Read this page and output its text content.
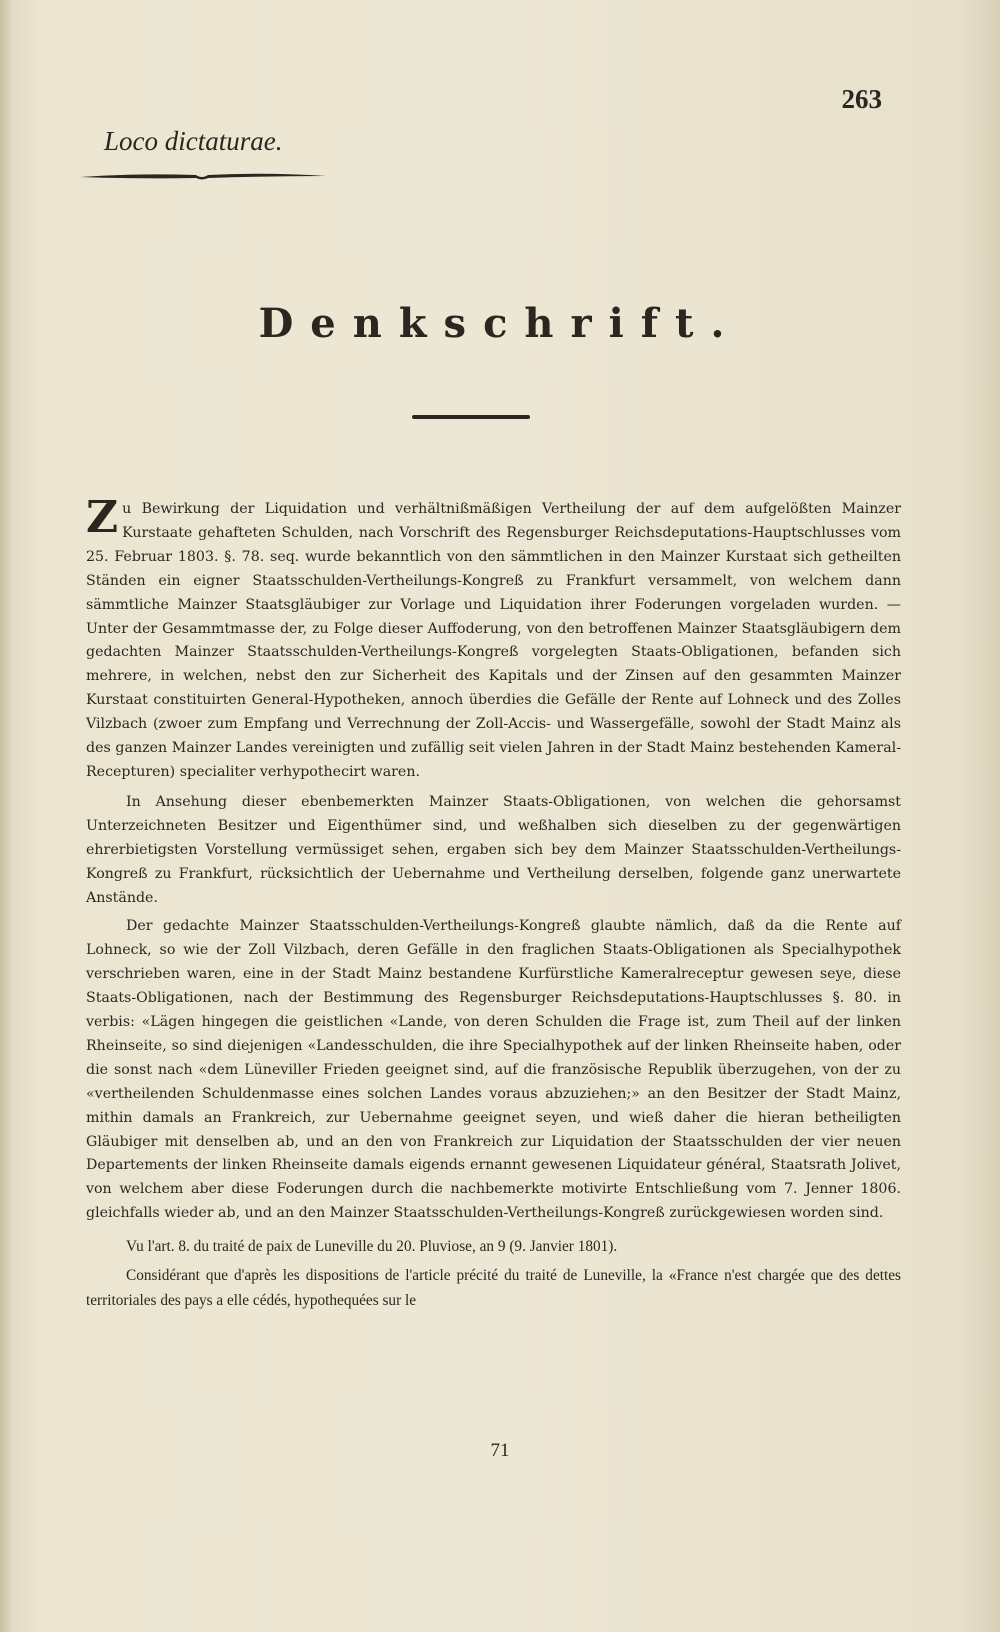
263
Loco dictaturae.
Denkschrift.

Zu Bewirkung der Liquidation und verhältnißmäßigen Vertheilung der auf dem aufgelößten Mainzer Kurstaate gehafteten Schulden, nach Vorschrift des Regensburger Reichsdeputations-Hauptschlusses vom 25. Februar 1803. §. 78. seq. wurde bekanntlich von den sämmtlichen in den Mainzer Kurstaat sich getheilten Ständen ein eigner Staatsschulden-Vertheilungs-Kongreß zu Frankfurt versammelt, von welchem dann sämmtliche Mainzer Staatsgläubiger zur Vorlage und Liquidation ihrer Foderungen vorgeladen wurden. — Unter der Gesammtmasse der, zu Folge dieser Auffoderung, von den betroffenen Mainzer Staatsgläubigern dem gedachten Mainzer Staatsschulden-Vertheilungs-Kongreß vorgelegten Staats-Obligationen, befanden sich mehrere, in welchen, nebst den zur Sicherheit des Kapitals und der Zinsen auf den gesammten Mainzer Kurstaat constituirten General-Hypotheken, annoch überdies die Gefälle der Rente auf Lohneck und des Zolles Vilzbach (zwoer zum Empfang und Verrechnung der Zoll-Accis- und Wassergefälle, sowohl der Stadt Mainz als des ganzen Mainzer Landes vereinigten und zufällig seit vielen Jahren in der Stadt Mainz bestehenden Kameral-Recepturen) specialiter verhypothecirt waren.

In Ansehung dieser ebenbemerkten Mainzer Staats-Obligationen, von welchen die gehorsamst Unterzeichneten Besitzer und Eigenthümer sind, und weßhalben sich dieselben zu der gegenwärtigen ehrerbietigsten Vorstellung vermüssiget sehen, ergaben sich bey dem Mainzer Staatsschulden-Vertheilungs-Kongreß zu Frankfurt, rücksichtlich der Uebernahme und Vertheilung derselben, folgende ganz unerwartete Anstände.

Der gedachte Mainzer Staatsschulden-Vertheilungs-Kongreß glaubte nämlich, daß da die Rente auf Lohneck, so wie der Zoll Vilzbach, deren Gefälle in den fraglichen Staats-Obligationen als Specialhypothek verschrieben waren, eine in der Stadt Mainz bestandene Kurfürstliche Kameralreceptur gewesen seye, diese Staats-Obligationen, nach der Bestimmung des Regensburger Reichsdeputations-Hauptschlusses §. 80. in verbis: «Lägen hingegen die geistlichen «Lande, von deren Schulden die Frage ist, zum Theil auf der linken Rheinseite, so sind diejenigen «Landesschulden, die ihre Specialhypothek auf der linken Rheinseite haben, oder die sonst nach «dem Lüneviller Frieden geeignet sind, auf die französische Republik überzugehen, von der zu «vertheilenden Schuldenmasse eines solchen Landes voraus abzuziehen;» an den Besitzer der Stadt Mainz, mithin damals an Frankreich, zur Uebernahme geeignet seyen, und wieß daher die hieran betheiligten Gläubiger mit denselben ab, und an den von Frankreich zur Liquidation der Staatsschulden der vier neuen Departements der linken Rheinseite damals eigends ernannt gewesenen Liquidateur général, Staatsrath Jolivet, von welchem aber diese Foderungen durch die nachbemerkte motivirte Entschließung vom 7. Jenner 1806. gleichfalls wieder ab, und an den Mainzer Staatsschulden-Vertheilungs-Kongreß zurückgewiesen worden sind.

Vu l'art. 8. du traité de paix de Luneville du 20. Pluviose, an 9 (9. Janvier 1801).

Considérant que d'après les dispositions de l'article précité du traité de Luneville, la «France n'est chargée que des dettes territoriales des pays a elle cédés, hypothequées sur le

71
